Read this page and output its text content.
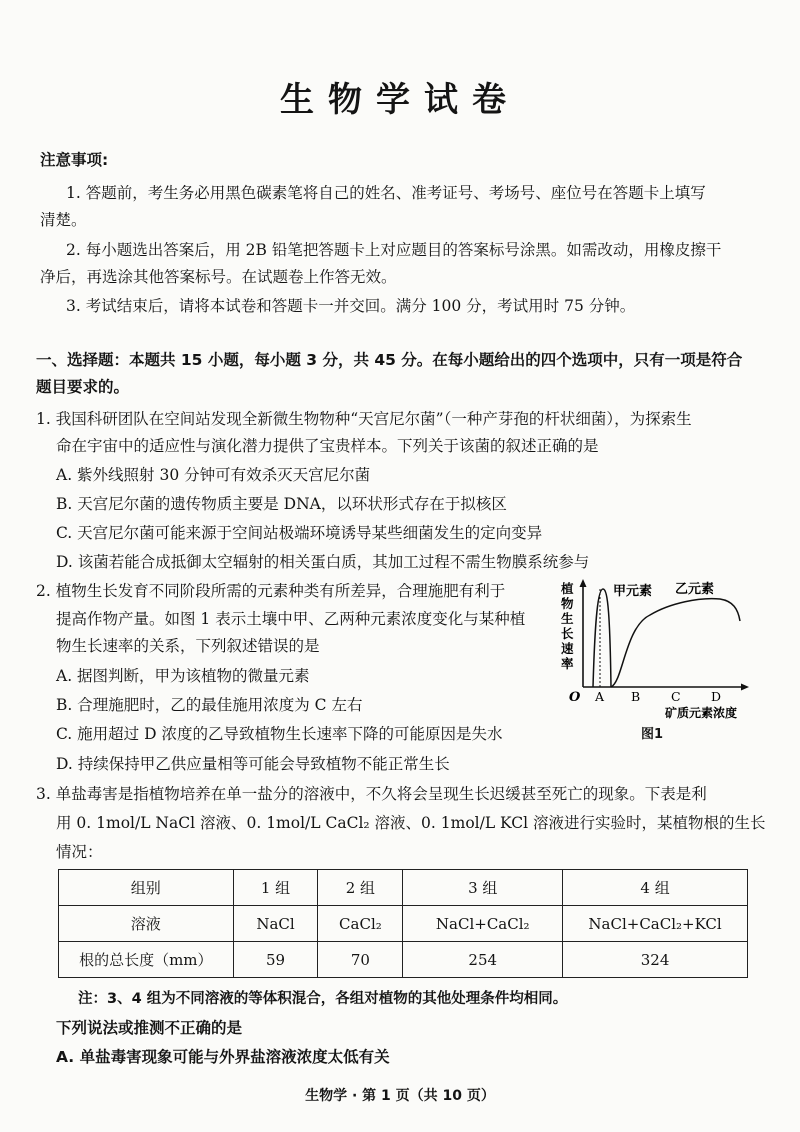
生物学试卷
注意事项:
1. 答题前，考生务必用黑色碳素笔将自己的姓名、准考证号、考场号、座位号在答题卡上填写
清楚。
2. 每小题选出答案后，用 2B 铅笔把答题卡上对应题目的答案标号涂黑。如需改动，用橡皮擦干
净后，再选涂其他答案标号。在试题卷上作答无效。
3. 考试结束后，请将本试卷和答题卡一并交回。满分 100 分，考试用时 75 分钟。
一、选择题：本题共 15 小题，每小题 3 分，共 45 分。在每小题给出的四个选项中，只有一项是符合
题目要求的。
1. 我国科研团队在空间站发现全新微生物物种“天宫尼尔菌”（一种产芽孢的杆状细菌），为探索生
命在宇宙中的适应性与演化潜力提供了宝贵样本。下列关于该菌的叙述正确的是
A. 紫外线照射 30 分钟可有效杀灭天宫尼尔菌
B. 天宫尼尔菌的遗传物质主要是 DNA，以环状形式存在于拟核区
C. 天宫尼尔菌可能来源于空间站极端环境诱导某些细菌发生的定向变异
D. 该菌若能合成抵御太空辐射的相关蛋白质，其加工过程不需生物膜系统参与
2. 植物生长发育不同阶段所需的元素种类有所差异，合理施肥有利于
提高作物产量。如图 1 表示土壤中甲、乙两种元素浓度变化与某种植
物生长速率的关系，下列叙述错误的是
A. 据图判断，甲为该植物的微量元素
B. 合理施肥时，乙的最佳施用浓度为 C 左右
C. 施用超过 D 浓度的乙导致植物生长速率下降的可能原因是失水
D. 持续保持甲乙供应量相等可能会导致植物不能正常生长
植物生长速率
甲元素 乙元素
O A B C D
矿质元素浓度
图1
3. 单盐毒害是指植物培养在单一盐分的溶液中，不久将会呈现生长迟缓甚至死亡的现象。下表是利
用 0. 1mol/L NaCl 溶液、0. 1mol/L CaCl₂ 溶液、0. 1mol/L KCl 溶液进行实验时，某植物根的生长
情况：
组别	1 组	2 组	3 组	4 组
溶液	NaCl	CaCl₂	NaCl+CaCl₂	NaCl+CaCl₂+KCl
根的总长度（mm）	59	70	254	324
注：3、4 组为不同溶液的等体积混合，各组对植物的其他处理条件均相同。
下列说法或推测不正确的是
A. 单盐毒害现象可能与外界盐溶液浓度太低有关
生物学 · 第 1 页（共 10 页）
